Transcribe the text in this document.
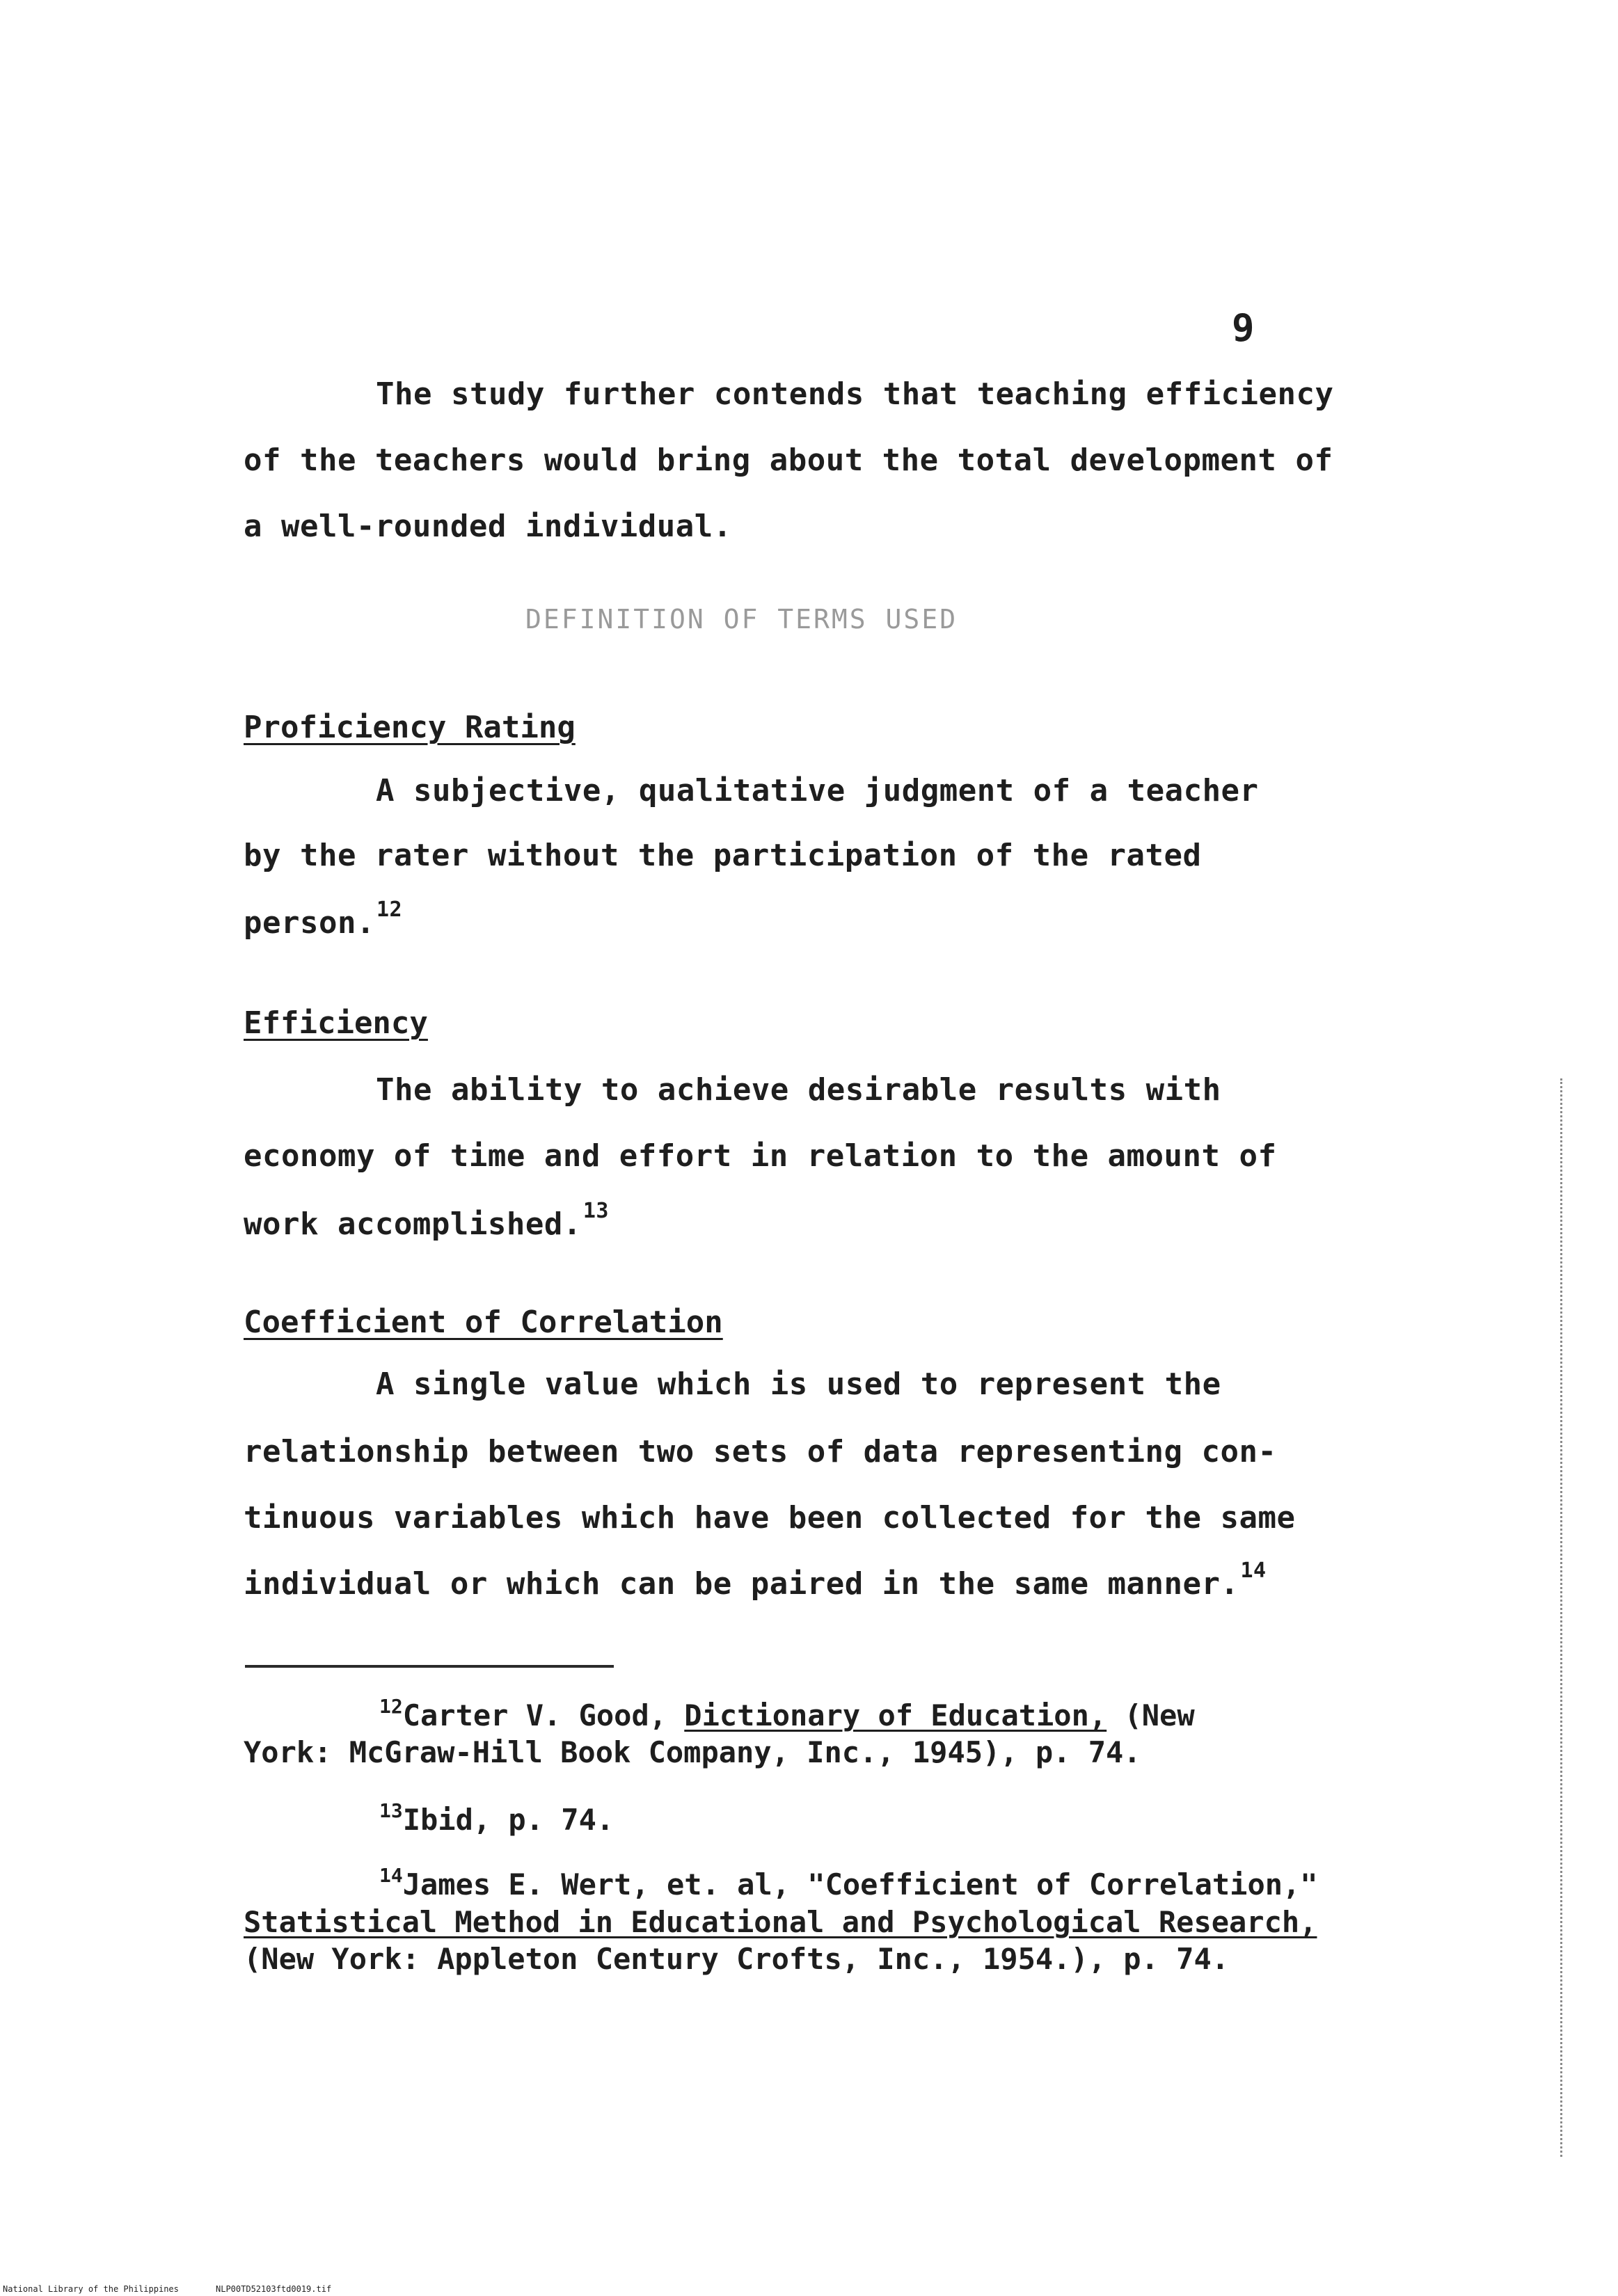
9
The study further contends that teaching efficiency
of the teachers would bring about the total development of
a well-rounded individual.
DEFINITION OF TERMS USED
Proficiency Rating
A subjective, qualitative judgment of a teacher
by the rater without the participation of the rated
person.$^{12}$
Efficiency
The ability to achieve desirable results with
economy of time and effort in relation to the amount of
work accomplished.$^{13}$
Coefficient of Correlation
A single value which is used to represent the
relationship between two sets of data representing con-
tinuous variables which have been collected for the same
individual or which can be paired in the same manner.$^{14}$
$^{12}$Carter V. Good, Dictionary of Education, (New
York: McGraw-Hill Book Company, Inc., 1945), p. 74.
$^{13}$Ibid, p. 74.
$^{14}$James E. Wert, et. al, "Coefficient of Correlation,"
Statistical Method in Educational and Psychological Research,
(New York: Appleton Century Crofts, Inc., 1954.), p. 74.
National Library of the Philippines	NLP00TD52103ftd0019.tif
